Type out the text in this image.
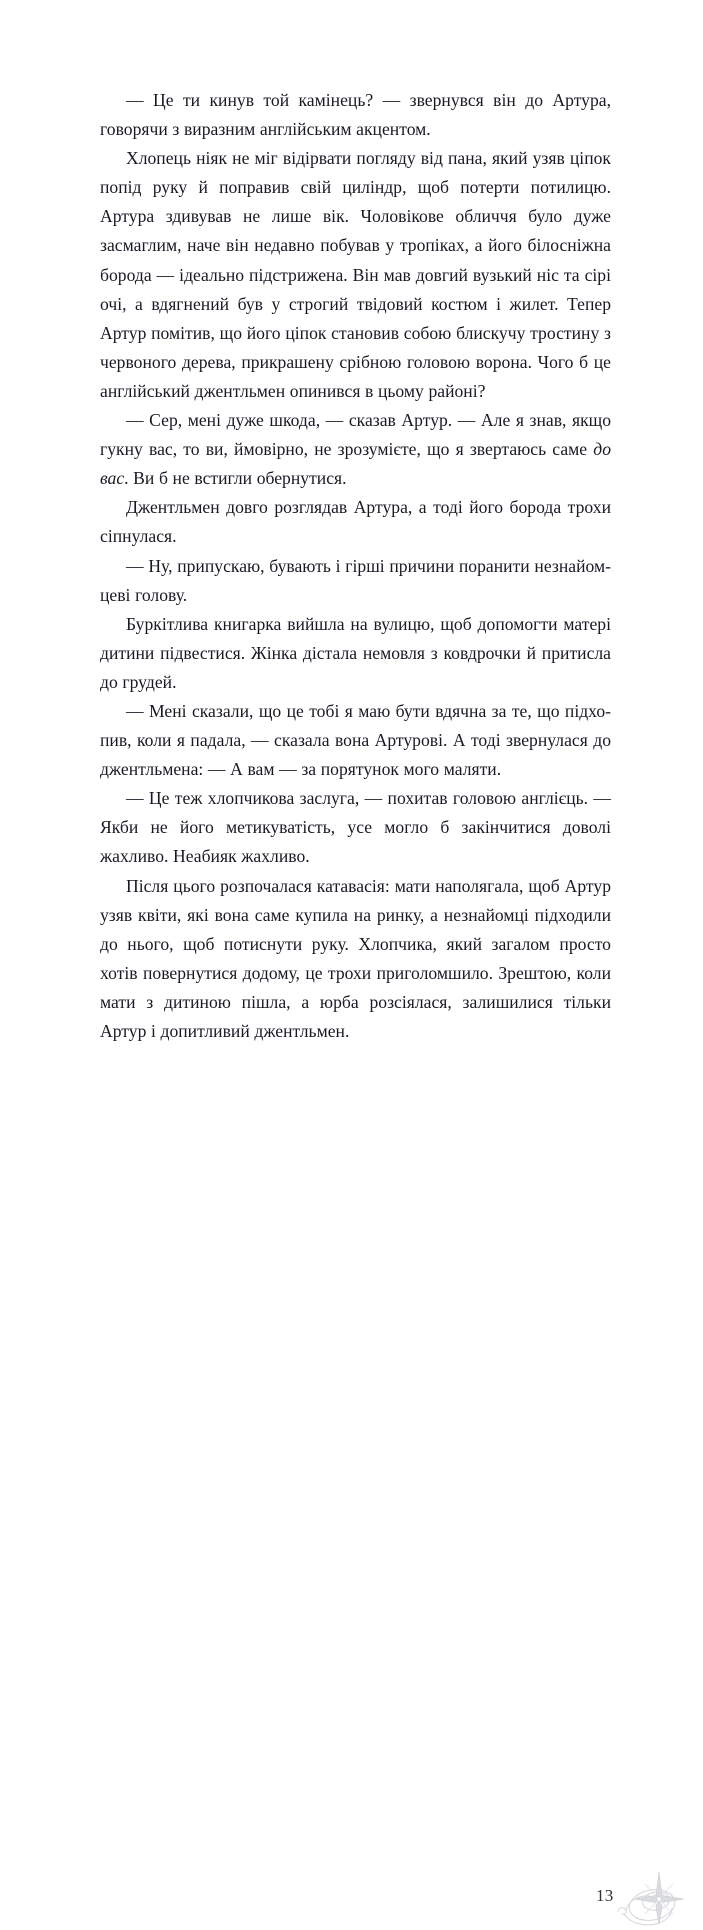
— Це ти кинув той камінець? — звернувся він до Артура, говорячи з виразним англійським акцентом.

Хлопець ніяк не міг відірвати погляду від пана, який узяв ціпок попід руку й поправив свій циліндр, щоб потерти потилицю. Артура здивував не лише вік. Чоловікове обличчя було дуже засмаглим, наче він недавно побував у тропіках, а його білосніжна борода — ідеально підстрижена. Він мав довгий вузький ніс та сірі очі, а вдягнений був у строгий твідовий костюм і жилет. Тепер Артур помітив, що його ціпок становив собою блискучу тростину з червоного дерева, прикрашену срібною головою ворона. Чого б це англійський джентльмен опинився в цьому районі?

— Сер, мені дуже шкода, — сказав Артур. — Але я знав, якщо гукну вас, то ви, ймовірно, не зрозумієте, що я звертаюсь саме до вас. Ви б не встигли обернутися.

Джентльмен довго розглядав Артура, а тоді його борода трохи сіпнулася.

— Ну, припускаю, бувають і гірші причини поранити незнайомцеві голову.

Буркітлива книгарка вийшла на вулицю, щоб допомогти матері дитини підвестися. Жінка дістала немовля з ковдрочки й притисла до грудей.

— Мені сказали, що це тобі я маю бути вдячна за те, що підхопив, коли я падала, — сказала вона Артурові. А тоді звернулася до джентльмена: — А вам — за порятунок мого маляти.

— Це теж хлопчикова заслуга, — похитав головою англієць. — Якби не його метикуватість, усе могло б закінчитися доволі жахливо. Неабияк жахливо.

Після цього розпочалася катавасія: мати наполягала, щоб Артур узяв квіти, які вона саме купила на ринку, а незнайомці підходили до нього, щоб потиснути руку. Хлопчика, який загалом просто хотів повернутися додому, це трохи приголомшило. Зрештою, коли мати з дитиною пішла, а юрба розсіялася, залишилися тільки Артур і допитливий джентльмен.

13
